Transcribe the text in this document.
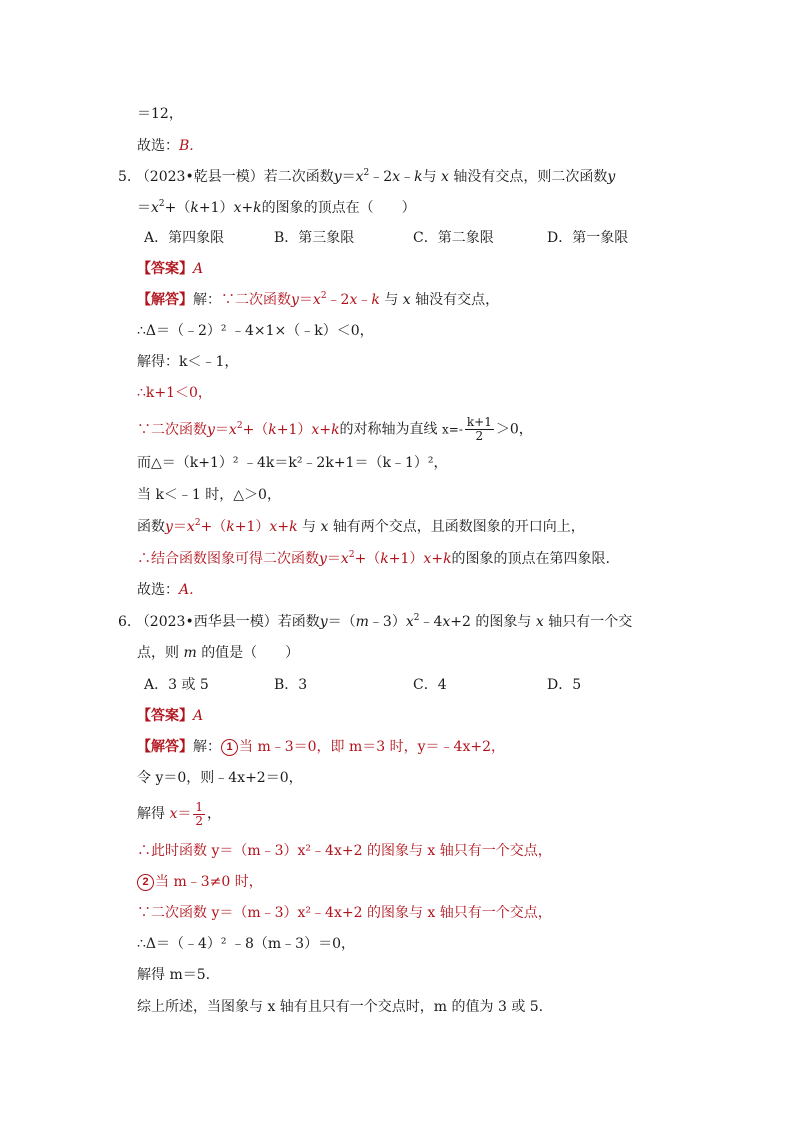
＝12，
故选：B.
5. （2023•乾县一模）若二次函数$y=x^2﹣2x﹣k$与 x 轴没有交点，则二次函数y
$=x^2+(k+1)x+k$的图象的顶点在（　　）
A．第四象限	B．第三象限	C．第二象限	D．第一象限
【答案】A
【解答】解：∵二次函数$y=x^2﹣2x﹣k$ 与 x 轴没有交点，
∴Δ＝（﹣2）² ﹣4×1×（﹣k）＜0，
解得：k＜﹣1，
∴k+1＜0，
∵二次函数$y=x^2+(k+1)x+k$的对称轴为直线 $x=- \frac{k+1}{2} >0$，
而△＝（k+1）² ﹣4k＝k²﹣2k+1＝（k﹣1）²，
当 k＜﹣1 时，△＞0，
函数$y=x^2+(k+1)x+k$ 与 x 轴有两个交点，且函数图象的开口向上，
∴结合函数图象可得二次函数$y=x^2+(k+1)x+k$的图象的顶点在第四象限.
故选：A.
6. （2023•西华县一模）若函数$y=(m﹣3)x^2﹣4x+2$ 的图象与 x 轴只有一个交
点，则 m 的值是（　　）
A．3 或 5	B．3	C．4	D．5
【答案】A
【解答】解： 1 当 m﹣3＝0，即 m＝3 时，y＝﹣4x+2，
令 y＝0，则﹣4x+2＝0，
解得 $x= \frac{1}{2}$ ，
∴此时函数 y＝（m﹣3）x²﹣4x+2 的图象与 x 轴只有一个交点，
2 当 m﹣3≠0 时，
∵二次函数 y＝（m﹣3）x²﹣4x+2 的图象与 x 轴只有一个交点，
∴Δ＝（﹣4）² ﹣8（m﹣3）＝0，
解得 m＝5.
综上所述，当图象与 x 轴有且只有一个交点时，m 的值为 3 或 5.
